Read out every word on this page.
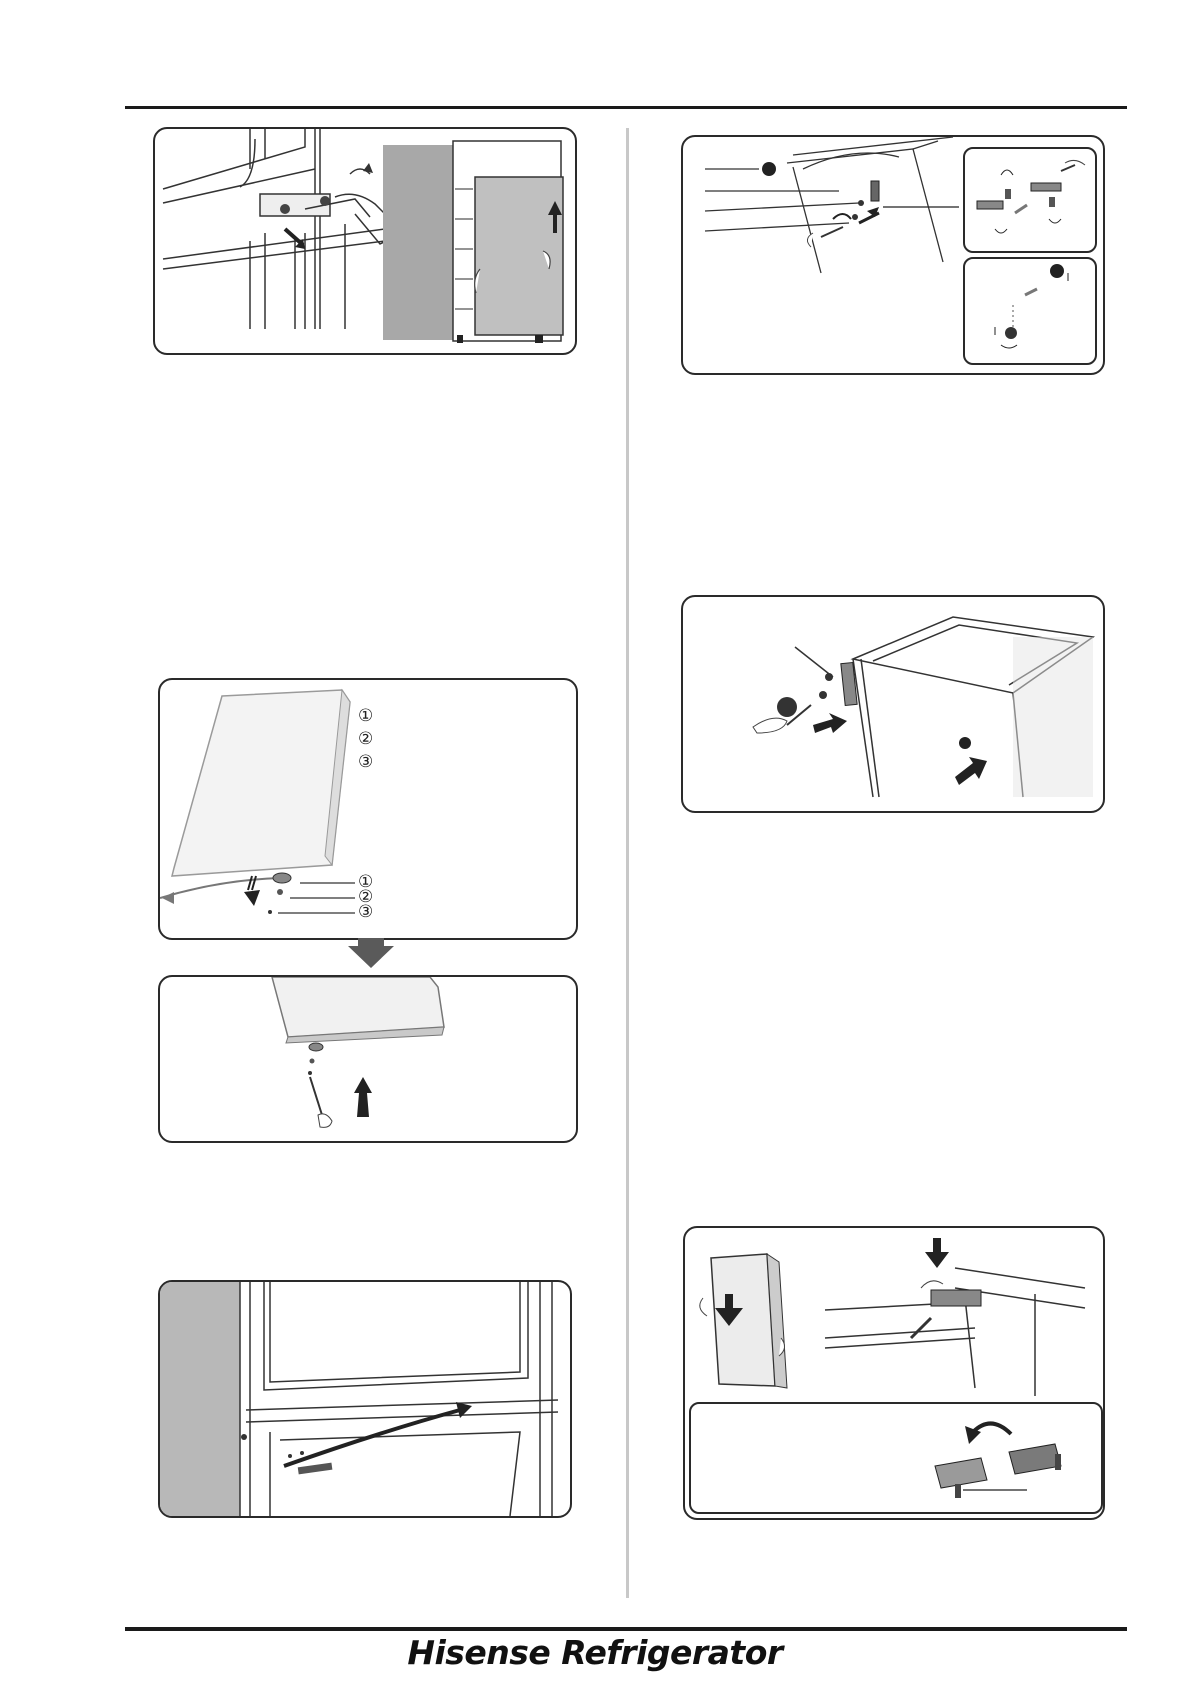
①
②
③
①
②
③
Hisense Refrigerator
